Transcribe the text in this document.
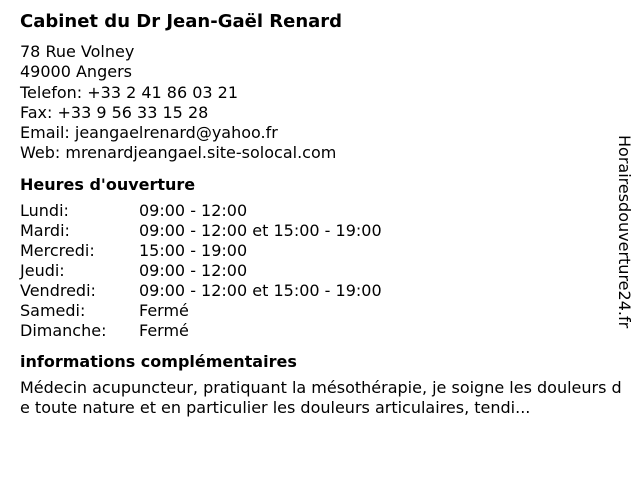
Cabinet du Dr Jean-Gaël Renard
78 Rue Volney
49000 Angers
Telefon: +33 2 41 86 03 21
Fax: +33 9 56 33 15 28
Email: jeangaelrenard@yahoo.fr
Web: mrenardjeangael.site-solocal.com
Heures d'ouverture
Lundi:	09:00 - 12:00
Mardi:	09:00 - 12:00 et 15:00 - 19:00
Mercredi:	15:00 - 19:00
Jeudi:	09:00 - 12:00
Vendredi:	09:00 - 12:00 et 15:00 - 19:00
Samedi:	Fermé
Dimanche:	Fermé
informations complémentaires

Médecin acupuncteur, pratiquant la mésothérapie, je soigne les douleurs de toute nature et en particulier les douleurs articulaires, tendi...

Horairesdouverture24.fr
